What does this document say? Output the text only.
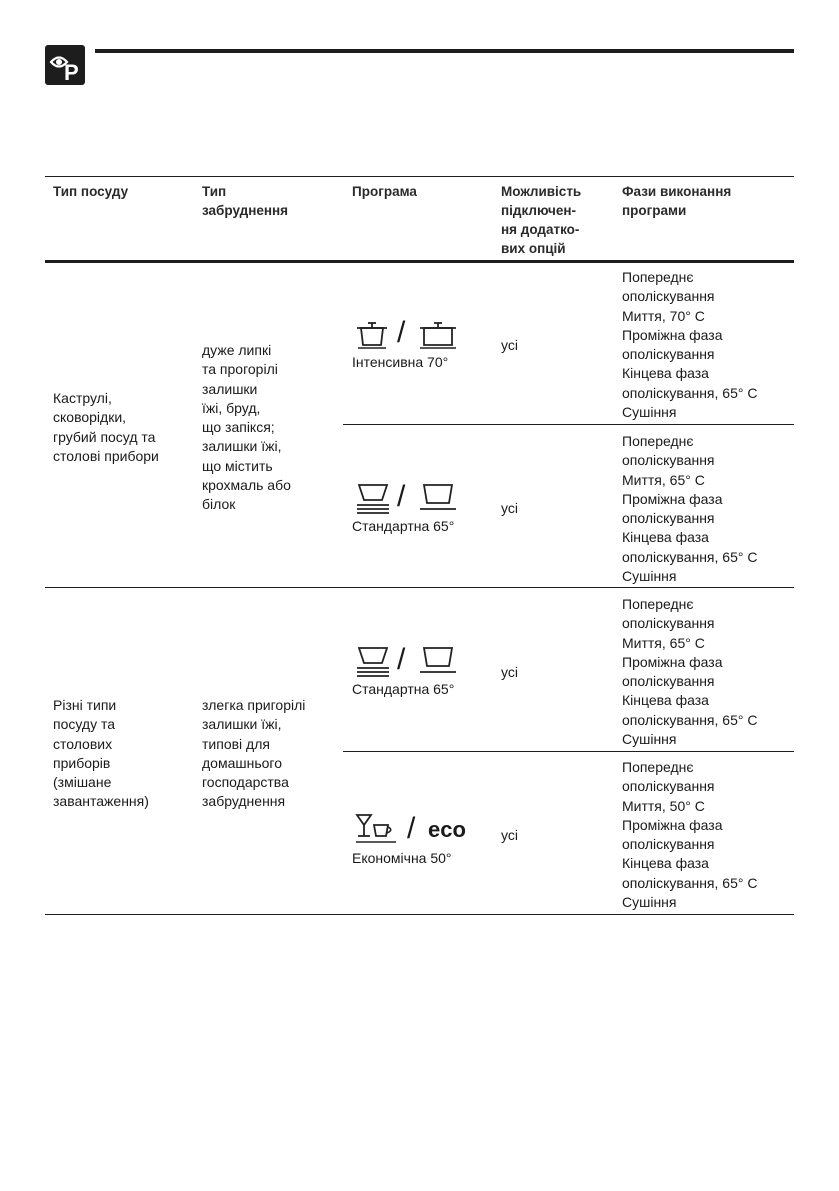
P
Тип посуду	Тип
забруднення
Програма	Можливість
підключен-
ня додатко-
вих опцій
Фази виконання
програми
Каструлі,
сковорідки,
грубий посуд та
столові прибори
дуже липкі
та прогорілі
залишки
їжі, бруд,
що запікся;
залишки їжі,
що містить
крохмаль або
білок
/
Інтенсивна 70°
усі
Попереднє
ополіскування
Миття, 70° C
Проміжна фаза
ополіскування
Кінцева фаза
ополіскування, 65° C
Сушіння
/
Стандартна 65°
усі
Попереднє
ополіскування
Миття, 65° C
Проміжна фаза
ополіскування
Кінцева фаза
ополіскування, 65° C
Сушіння
Різні типи
посуду та
столових
приборів
(змішане
завантаження)
злегка пригорілі
залишки їжі,
типові для
домашнього
господарства
забруднення
/
Стандартна 65°
усі
Попереднє
ополіскування
Миття, 65° C
Проміжна фаза
ополіскування
Кінцева фаза
ополіскування, 65° C
Сушіння
/ eco
Економічна 50°
усі
Попереднє
ополіскування
Миття, 50° C
Проміжна фаза
ополіскування
Кінцева фаза
ополіскування, 65° C
Сушіння
